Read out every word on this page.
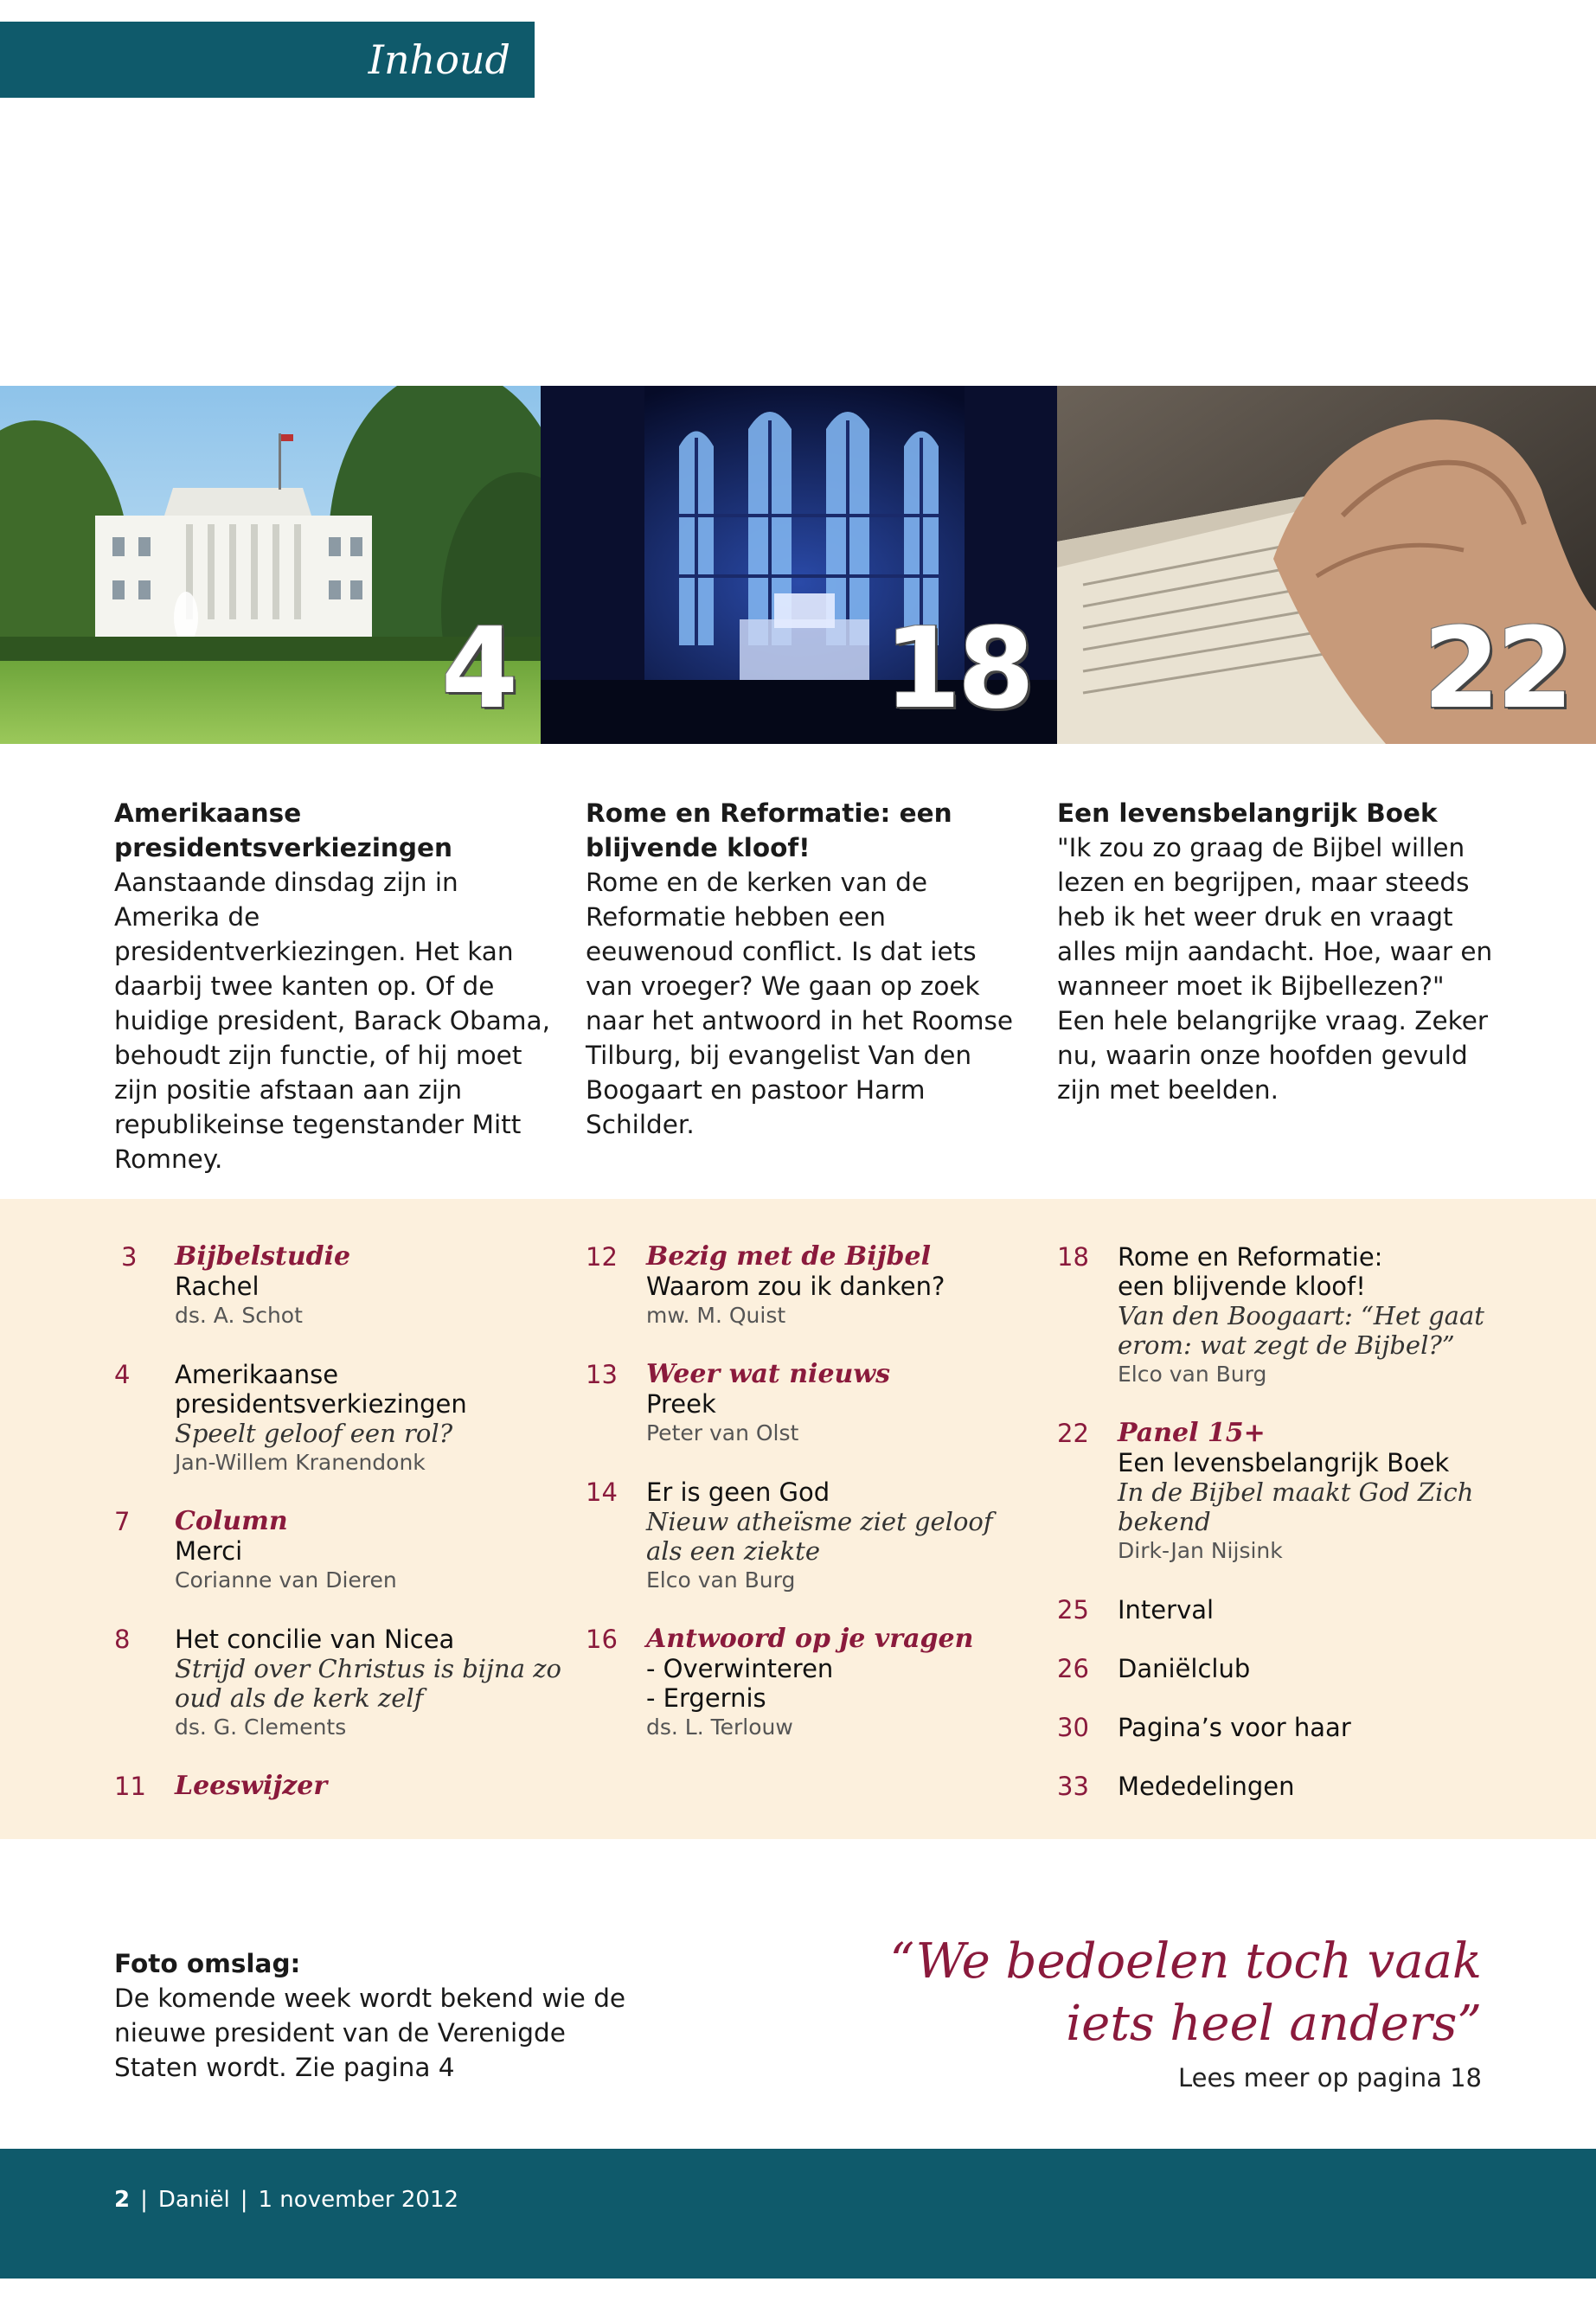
Inhoud
4	18	22
Amerikaanse presidentsverkiezingen

Aanstaande dinsdag zijn in Amerika de presidentverkiezingen. Het kan daarbij twee kanten op. Of de huidige president, Barack Obama, behoudt zijn functie, of hij moet zijn positie afstaan aan zijn republikeinse tegenstander Mitt Romney.

Rome en Reformatie: een blijvende kloof!

Rome en de kerken van de Reformatie hebben een eeuwenoud conflict. Is dat iets van vroeger? We gaan op zoek naar het antwoord in het Roomse Tilburg, bij evangelist Van den Boogaart en pastoor Harm Schilder.

Een levensbelangrijk Boek

"Ik zou zo graag de Bijbel willen lezen en begrijpen, maar steeds heb ik het weer druk en vraagt alles mijn aandacht. Hoe, waar en wanneer moet ik Bijbellezen?" Een hele belangrijke vraag. Zeker nu, waarin onze hoofden gevuld zijn met beelden.

3 Bijbelstudie
Rachel
ds. A. Schot
4 Amerikaanse presidentsverkiezingen
Speelt geloof een rol?
Jan-Willem Kranendonk
7 Column
Merci
Corianne van Dieren
8 Het concilie van Nicea
Strijd over Christus is bijna zo oud als de kerk zelf
ds. G. Clements
11 Leeswijzer
12 Bezig met de Bijbel
Waarom zou ik danken?
mw. M. Quist
13 Weer wat nieuws
Preek
Peter van Olst
14 Er is geen God
Nieuw atheïsme ziet geloof als een ziekte
Elco van Burg
16 Antwoord op je vragen
- Overwinteren
- Ergernis
ds. L. Terlouw
18 Rome en Reformatie:
een blijvende kloof!
Van den Boogaart: “Het gaat erom: wat zegt de Bijbel?”
Elco van Burg
22 Panel 15+
Een levensbelangrijk Boek
In de Bijbel maakt God Zich bekend
Dirk-Jan Nijsink
25 Interval
26 Daniëlclub
30 Pagina’s voor haar
33 Mededelingen
Foto omslag:

De komende week wordt bekend wie de nieuwe president van de Verenigde Staten wordt. Zie pagina 4

“We bedoelen toch vaak
iets heel anders”
Lees meer op pagina 18
2 | Daniël | 1 november 2012
